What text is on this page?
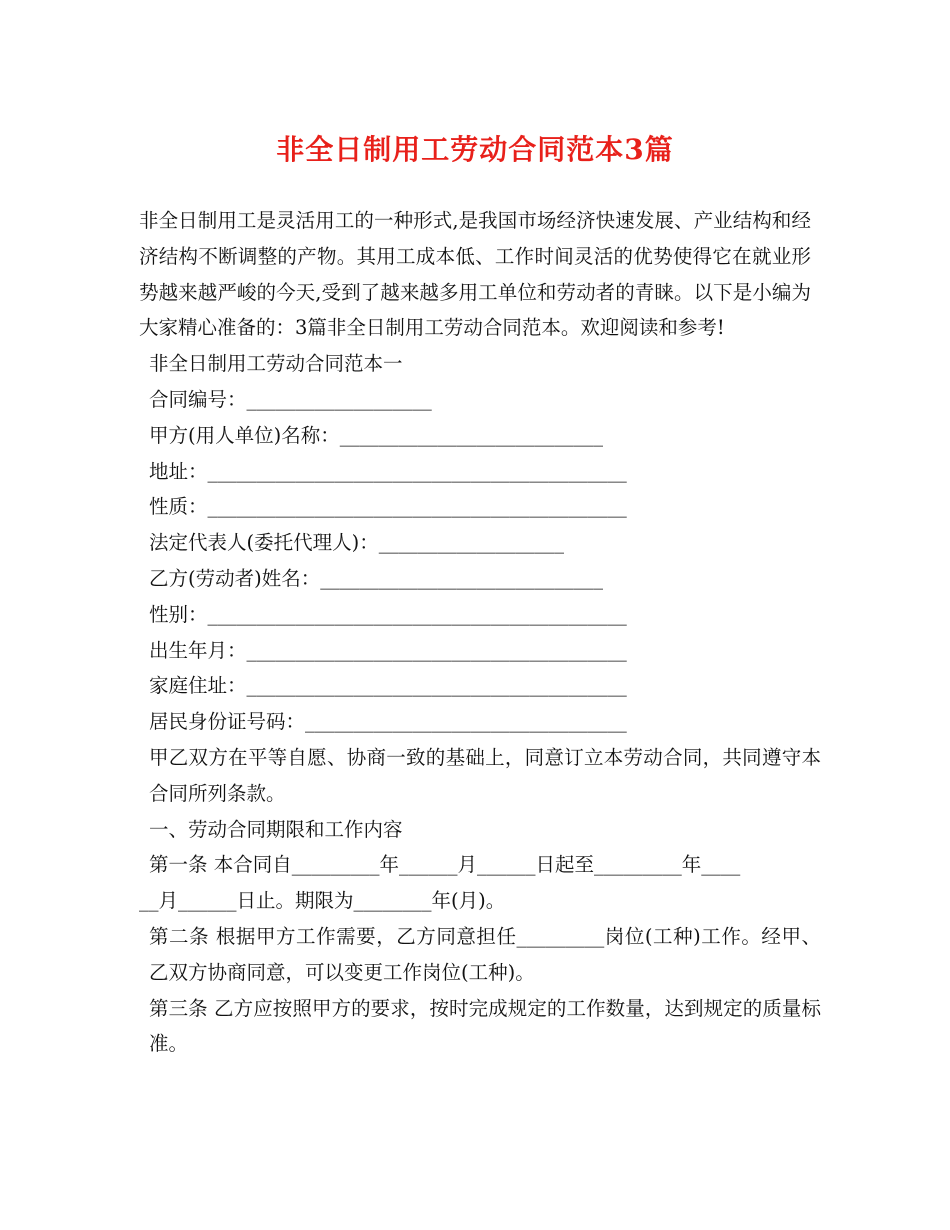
非全日制用工劳动合同范本3篇

非全日制用工是灵活用工的一种形式,是我国市场经济快速发展、产业结构和经济结构不断调整的产物。其用工成本低、工作时间灵活的优势使得它在就业形势越来越严峻的今天,受到了越来越多用工单位和劳动者的青睐。以下是小编为大家精心准备的：3篇非全日制用工劳动合同范本。欢迎阅读和参考!

非全日制用工劳动合同范本一
合同编号：___________________
甲方(用人单位)名称：___________________________
地址：___________________________________________
性质：___________________________________________
法定代表人(委托代理人)：___________________
乙方(劳动者)姓名：_____________________________
性别：___________________________________________
出生年月：_______________________________________
家庭住址：_______________________________________
居民身份证号码：_________________________________

甲乙双方在平等自愿、协商一致的基础上，同意订立本劳动合同，共同遵守本合同所列条款。

一、劳动合同期限和工作内容
第一条 本合同自_________年______月______日起至_________年____
__月______日止。期限为________年(月)。

第二条 根据甲方工作需要，乙方同意担任_________岗位(工种)工作。经甲、乙双方协商同意，可以变更工作岗位(工种)。

第三条 乙方应按照甲方的要求，按时完成规定的工作数量，达到规定的质量标准。
